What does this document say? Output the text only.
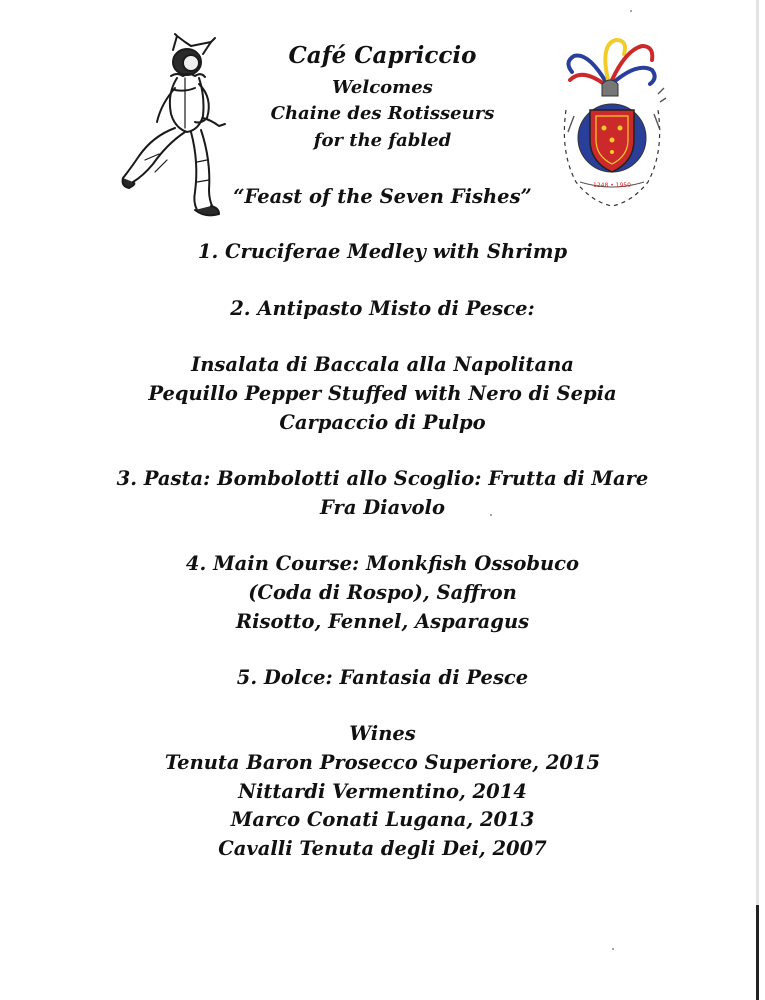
1248 • 1950
Café Capriccio
Welcomes
Chaine des Rotisseurs
for the fabled
“Feast of the Seven Fishes”
1. Cruciferae Medley with Shrimp
2. Antipasto Misto di Pesce:
Insalata di Baccala alla Napolitana
Pequillo Pepper Stuffed with Nero di Sepia
Carpaccio di Pulpo
3. Pasta: Bombolotti allo Scoglio: Frutta di Mare
Fra Diavolo
4. Main Course: Monkfish Ossobuco
(Coda di Rospo), Saffron
Risotto, Fennel, Asparagus
5. Dolce: Fantasia di Pesce
Wines
Tenuta Baron Prosecco Superiore, 2015
Nittardi Vermentino, 2014
Marco Conati Lugana, 2013
Cavalli Tenuta degli Dei, 2007
